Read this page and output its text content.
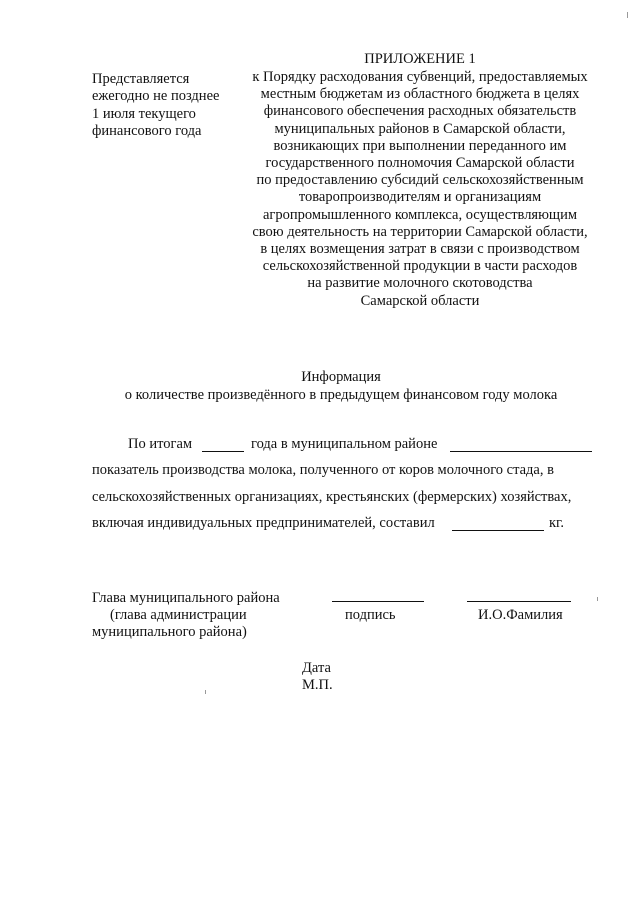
ПРИЛОЖЕНИЕ 1
Представляется
ежегодно не позднее
1 июля текущего
финансового года
к Порядку расходования субвенций, предоставляемых
местным бюджетам из областного бюджета в целях
финансового обеспечения расходных обязательств
муниципальных районов в Самарской области,
возникающих при выполнении переданного им
государственного полномочия Самарской области
по предоставлению субсидий сельскохозяйственным
товаропроизводителям и организациям
агропромышленного комплекса, осуществляющим
свою деятельность на территории Самарской области,
в целях возмещения затрат в связи с производством
сельскохозяйственной продукции в части расходов
на развитие молочного скотоводства
Самарской области
Информация
о количестве произведённого в предыдущем финансовом году молока
По итогам	года в муниципальном районе
показатель производства молока, полученного от коров молочного стада, в
сельскохозяйственных организациях, крестьянских (фермерских) хозяйствах,
включая индивидуальных предпринимателей, составил	кг.
Глава муниципального района
(глава администрации
муниципального района)
подпись	И.О.Фамилия
Дата
М.П.
